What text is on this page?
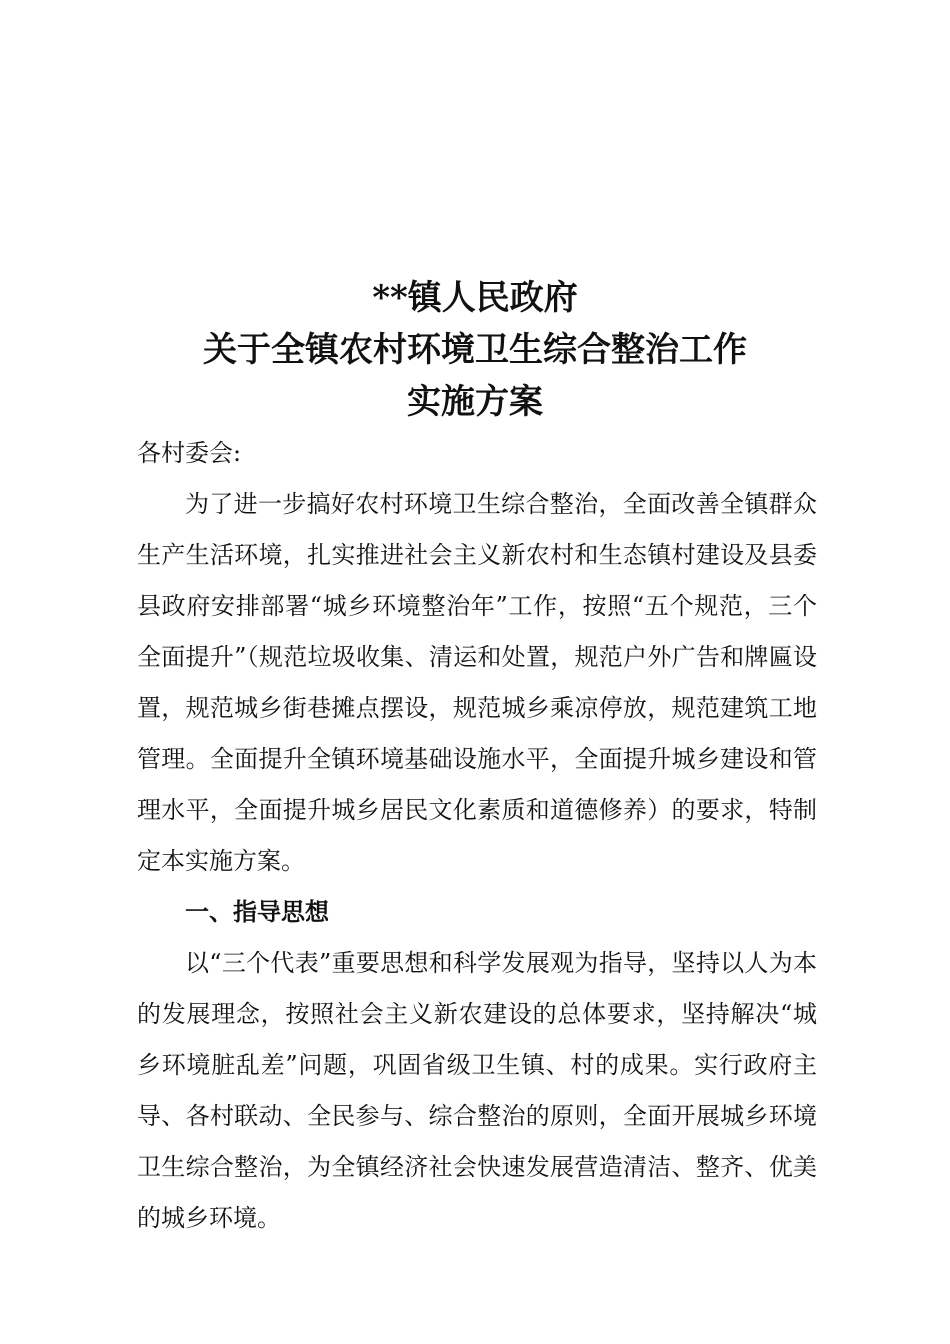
**镇人民政府
关于全镇农村环境卫生综合整治工作
实施方案

各村委会:

为了进一步搞好农村环境卫生综合整治，全面改善全镇群众生产生活环境，扎实推进社会主义新农村和生态镇村建设及县委县政府安排部署“城乡环境整治年”工作，按照“五个规范，三个全面提升”（规范垃圾收集、清运和处置，规范户外广告和牌匾设置，规范城乡街巷摊点摆设，规范城乡乘凉停放，规范建筑工地管理。全面提升全镇环境基础设施水平，全面提升城乡建设和管理水平，全面提升城乡居民文化素质和道德修养）的要求，特制定本实施方案。

一、指导思想

以“三个代表”重要思想和科学发展观为指导，坚持以人为本的发展理念，按照社会主义新农建设的总体要求，坚持解决“城乡环境脏乱差”问题，巩固省级卫生镇、村的成果。实行政府主导、各村联动、全民参与、综合整治的原则，全面开展城乡环境卫生综合整治，为全镇经济社会快速发展营造清洁、整齐、优美的城乡环境。
